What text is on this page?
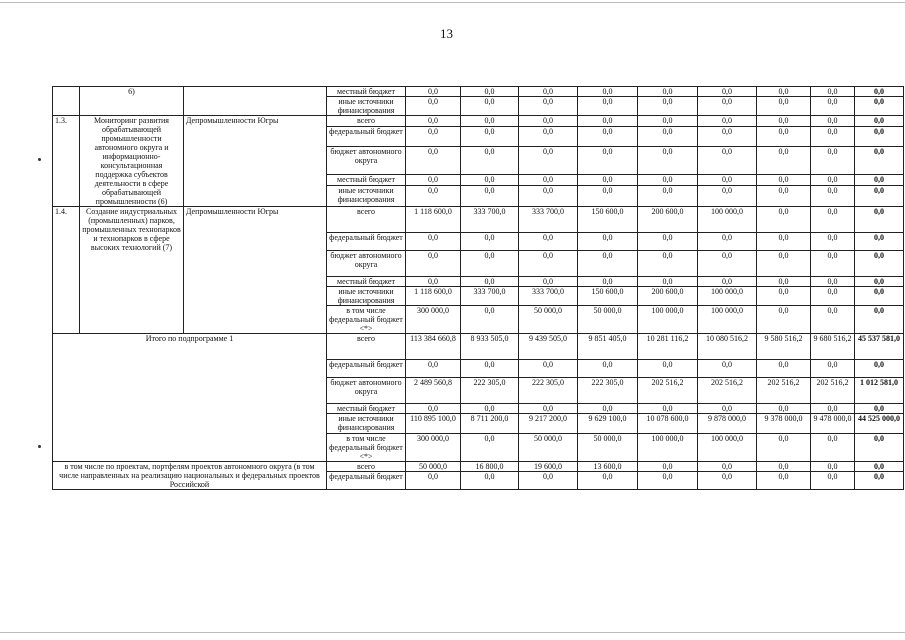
13
	6)		местный бюджет	0,0	0,0	0,0	0,0	0,0	0,0	0,0	0,0	0,0
			иные источники финансирования	0,0	0,0	0,0	0,0	0,0	0,0	0,0	0,0	0,0
1.3.	Мониторинг развития обрабатывающей промышленности автономного округа и информационно-консультационная поддержка субъектов деятельности в сфере обрабатывающей промышленности (6)	Депромышленности Югры	всего	0,0	0,0	0,0	0,0	0,0	0,0	0,0	0,0	0,0
			федеральный бюджет	0,0	0,0	0,0	0,0	0,0	0,0	0,0	0,0	0,0
			бюджет автономного округа	0,0	0,0	0,0	0,0	0,0	0,0	0,0	0,0	0,0
			местный бюджет	0,0	0,0	0,0	0,0	0,0	0,0	0,0	0,0	0,0
			иные источники финансирования	0,0	0,0	0,0	0,0	0,0	0,0	0,0	0,0	0,0
1.4.	Создание индустриальных (промышленных) парков, промышленных технопарков и технопарков в сфере высоких технологий (7)	Депромышленности Югры	всего	1 118 600,0	333 700,0	333 700,0	150 600,0	200 600,0	100 000,0	0,0	0,0	0,0
			федеральный бюджет	0,0	0,0	0,0	0,0	0,0	0,0	0,0	0,0	0,0
			бюджет автономного округа	0,0	0,0	0,0	0,0	0,0	0,0	0,0	0,0	0,0
			местный бюджет	0,0	0,0	0,0	0,0	0,0	0,0	0,0	0,0	0,0
			иные источники финансирования	1 118 600,0	333 700,0	333 700,0	150 600,0	200 600,0	100 000,0	0,0	0,0	0,0
			в том числе федеральный бюджет <*>	300 000,0	0,0	50 000,0	50 000,0	100 000,0	100 000,0	0,0	0,0	0,0
Итого по подпрограмме 1			всего	113 384 660,8	8 933 505,0	9 439 505,0	9 851 405,0	10 281 116,2	10 080 516,2	9 580 516,2	9 680 516,2	45 537 581,0
			федеральный бюджет	0,0	0,0	0,0	0,0	0,0	0,0	0,0	0,0	0,0
			бюджет автономного округа	2 489 560,8	222 305,0	222 305,0	222 305,0	202 516,2	202 516,2	202 516,2	202 516,2	1 012 581,0
			местный бюджет	0,0	0,0	0,0	0,0	0,0	0,0	0,0	0,0	0,0
			иные источники финансирования	110 895 100,0	8 711 200,0	9 217 200,0	9 629 100,0	10 078 600,0	9 878 000,0	9 378 000,0	9 478 000,0	44 525 000,0
			в том числе федеральный бюджет <*>	300 000,0	0,0	50 000,0	50 000,0	100 000,0	100 000,0	0,0	0,0	0,0
в том числе по проектам, портфелям проектов автономного округа (в том числе направленных на реализацию национальных и федеральных проектов Российской			всего	50 000,0	16 800,0	19 600,0	13 600,0	0,0	0,0	0,0	0,0	0,0
			федеральный бюджет	0,0	0,0	0,0	0,0	0,0	0,0	0,0	0,0	0,0
